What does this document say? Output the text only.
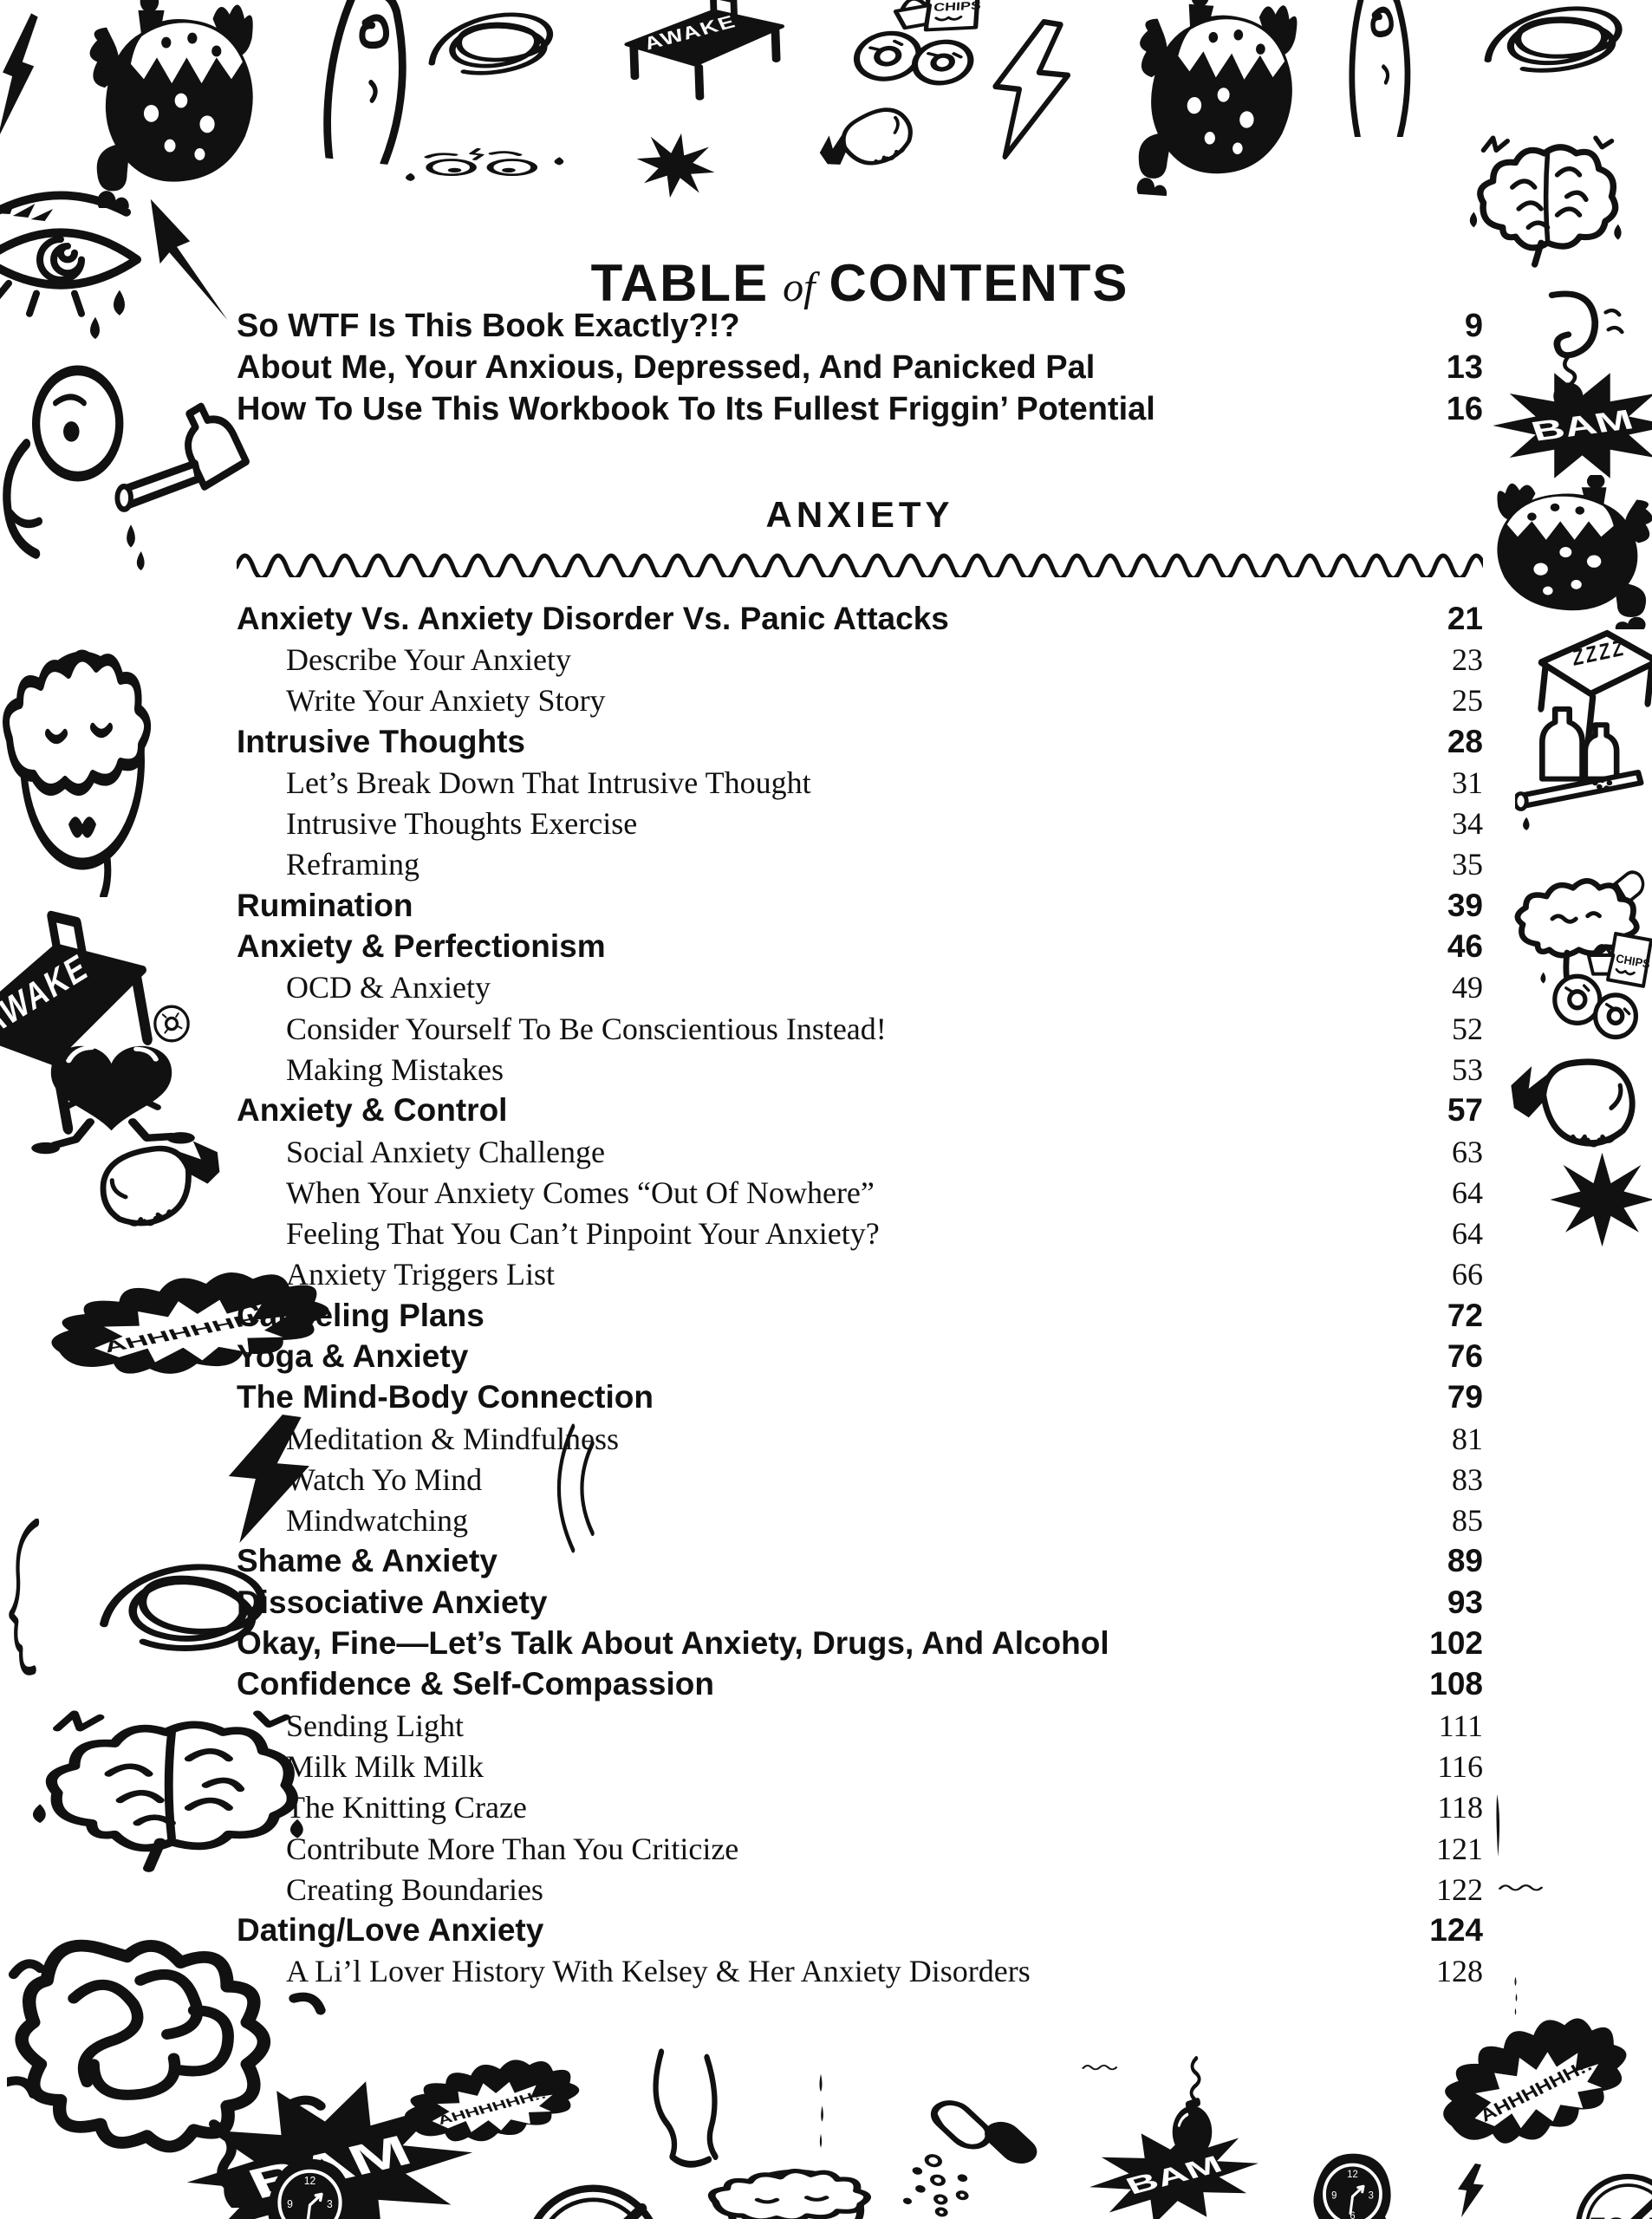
TABLE of CONTENTS
So WTF Is This Book Exactly?!?	9
About Me, Your Anxious, Depressed, And Panicked Pal	13
How To Use This Workbook To Its Fullest Friggin’ Potential	16
ANXIETY
Anxiety Vs. Anxiety Disorder Vs. Panic Attacks	21
Describe Your Anxiety	23
Write Your Anxiety Story	25
Intrusive Thoughts	28
Let’s Break Down That Intrusive Thought	31
Intrusive Thoughts Exercise	34
Reframing	35
Rumination	39
Anxiety & Perfectionism	46
OCD & Anxiety	49
Consider Yourself To Be Conscientious Instead!	52
Making Mistakes	53
Anxiety & Control	57
Social Anxiety Challenge	63
When Your Anxiety Comes “Out Of Nowhere”	64
Feeling That You Can’t Pinpoint Your Anxiety?	64
Anxiety Triggers List	66
Canceling Plans	72
Yoga & Anxiety	76
The Mind-Body Connection	79
Meditation & Mindfulness	81
Watch Yo Mind	83
Mindwatching	85
Shame & Anxiety	89
Dissociative Anxiety	93
Okay, Fine—Let’s Talk About Anxiety, Drugs, And Alcohol	102
Confidence & Self-Compassion	108
Sending Light	111
Milk Milk Milk	116
The Knitting Craze	118
Contribute More Than You Criticize	121
Creating Boundaries	122
Dating/Love Anxiety	124
A Li’l Lover History With Kelsey & Her Anxiety Disorders	128
